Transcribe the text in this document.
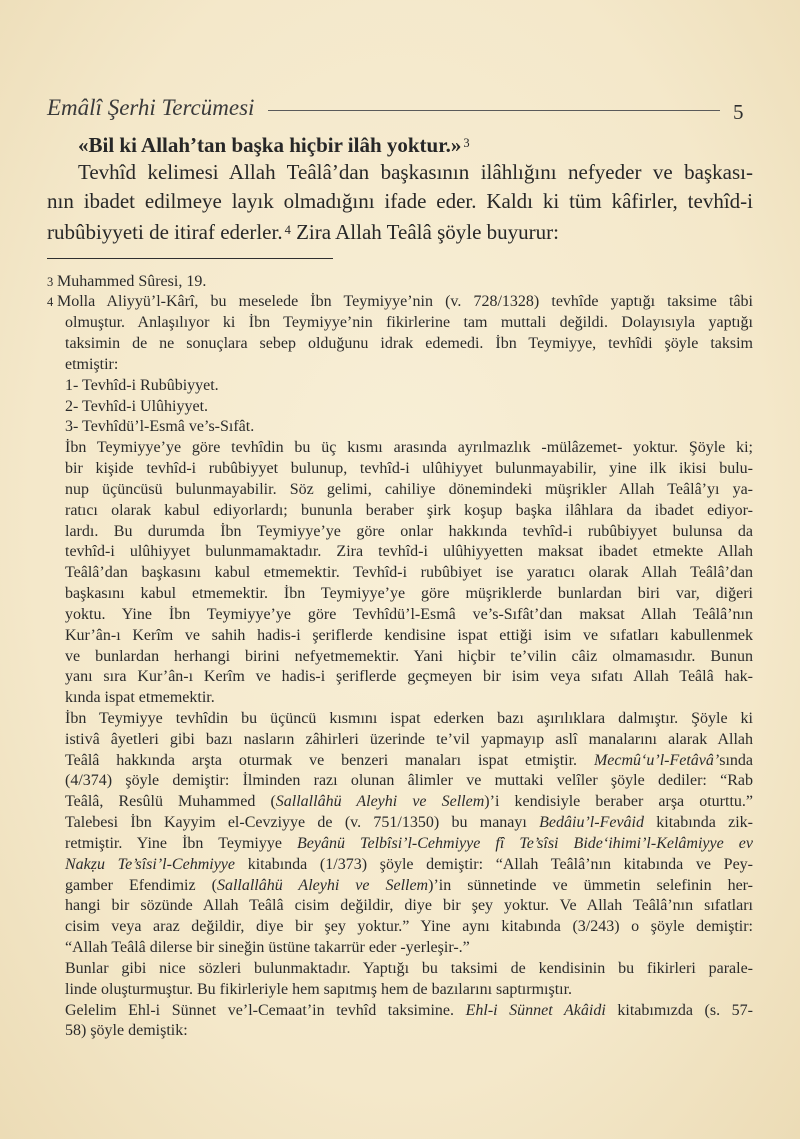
Emâlî Şerhi Tercümesi	5
«Bil ki Allah’tan başka hiçbir ilâh yoktur.» $^3$
Tevhîd kelimesi Allah Teâlâ’dan başkasının ilâhlığını nefyeder ve başkası-
nın ibadet edilmeye layık olmadığını ifade eder. Kaldı ki tüm kâfirler, tevhîd-i
rubûbiyyeti de itiraf ederler. $^4$ Zira Allah Teâlâ şöyle buyurur:
3 Muhammed Sûresi, 19.
4 Molla Aliyyü’l-Kârî, bu meselede İbn Teymiyye’nin (v. 728/1328) tevhîde yaptığı taksime tâbi
olmuştur. Anlaşılıyor ki İbn Teymiyye’nin fikirlerine tam muttali değildi. Dolayısıyla yaptığı
taksimin de ne sonuçlara sebep olduğunu idrak edemedi. İbn Teymiyye, tevhîdi şöyle taksim
etmiştir:
1- Tevhîd-i Rubûbiyyet.
2- Tevhîd-i Ulûhiyyet.
3- Tevhîdü’l-Esmâ ve’s-Sıfât.
İbn Teymiyye’ye göre tevhîdin bu üç kısmı arasında ayrılmazlık -mülâzemet- yoktur. Şöyle ki;
bir kişide tevhîd-i rubûbiyyet bulunup, tevhîd-i ulûhiyyet bulunmayabilir, yine ilk ikisi bulu-
nup üçüncüsü bulunmayabilir. Söz gelimi, cahiliye dönemindeki müşrikler Allah Teâlâ’yı ya-
ratıcı olarak kabul ediyorlardı; bununla beraber şirk koşup başka ilâhlara da ibadet ediyor-
lardı. Bu durumda İbn Teymiyye’ye göre onlar hakkında tevhîd-i rubûbiyyet bulunsa da
tevhîd-i ulûhiyyet bulunmamaktadır. Zira tevhîd-i ulûhiyyetten maksat ibadet etmekte Allah
Teâlâ’dan başkasını kabul etmemektir. Tevhîd-i rubûbiyet ise yaratıcı olarak Allah Teâlâ’dan
başkasını kabul etmemektir. İbn Teymiyye’ye göre müşriklerde bunlardan biri var, diğeri
yoktu. Yine İbn Teymiyye’ye göre Tevhîdü’l-Esmâ ve’s-Sıfât’dan maksat Allah Teâlâ’nın
Kur’ân-ı Kerîm ve sahih hadis-i şeriflerde kendisine ispat ettiği isim ve sıfatları kabullenmek
ve bunlardan herhangi birini nefyetmemektir. Yani hiçbir te’vilin câiz olmamasıdır. Bunun
yanı sıra Kur’ân-ı Kerîm ve hadis-i şeriflerde geçmeyen bir isim veya sıfatı Allah Teâlâ hak-
kında ispat etmemektir.
İbn Teymiyye tevhîdin bu üçüncü kısmını ispat ederken bazı aşırılıklara dalmıştır. Şöyle ki
istivâ âyetleri gibi bazı nasların zâhirleri üzerinde te’vil yapmayıp aslî manalarını alarak Allah
Teâlâ hakkında arşta oturmak ve benzeri manaları ispat etmiştir. Mecmû‘u’l-Fetâvâ’sında
(4/374) şöyle demiştir: İlminden razı olunan âlimler ve muttaki velîler şöyle dediler: “Rab
Teâlâ, Resûlü Muhammed (Sallallâhü Aleyhi ve Sellem)’i kendisiyle beraber arşa oturttu.”
Talebesi İbn Kayyim el-Cevziyye de (v. 751/1350) bu manayı Bedâiu’l-Fevâid kitabında zik-
retmiştir. Yine İbn Teymiyye Beyânü Telbîsi’l-Cehmiyye fî Te’sîsi Bide‘ihimi’l-Kelâmiyye ev
Nakẓu Te’sîsi’l-Cehmiyye kitabında (1/373) şöyle demiştir: “Allah Teâlâ’nın kitabında ve Pey-
gamber Efendimiz (Sallallâhü Aleyhi ve Sellem)’in sünnetinde ve ümmetin selefinin her-
hangi bir sözünde Allah Teâlâ cisim değildir, diye bir şey yoktur. Ve Allah Teâlâ’nın sıfatları
cisim veya araz değildir, diye bir şey yoktur.” Yine aynı kitabında (3/243) o şöyle demiştir:
“Allah Teâlâ dilerse bir sineğin üstüne takarrür eder -yerleşir-.”
Bunlar gibi nice sözleri bulunmaktadır. Yaptığı bu taksimi de kendisinin bu fikirleri parale-
linde oluşturmuştur. Bu fikirleriyle hem sapıtmış hem de bazılarını saptırmıştır.
Gelelim Ehl-i Sünnet ve’l-Cemaat’in tevhîd taksimine. Ehl-i Sünnet Akâidi kitabımızda (s. 57-
58) şöyle demiştik:
